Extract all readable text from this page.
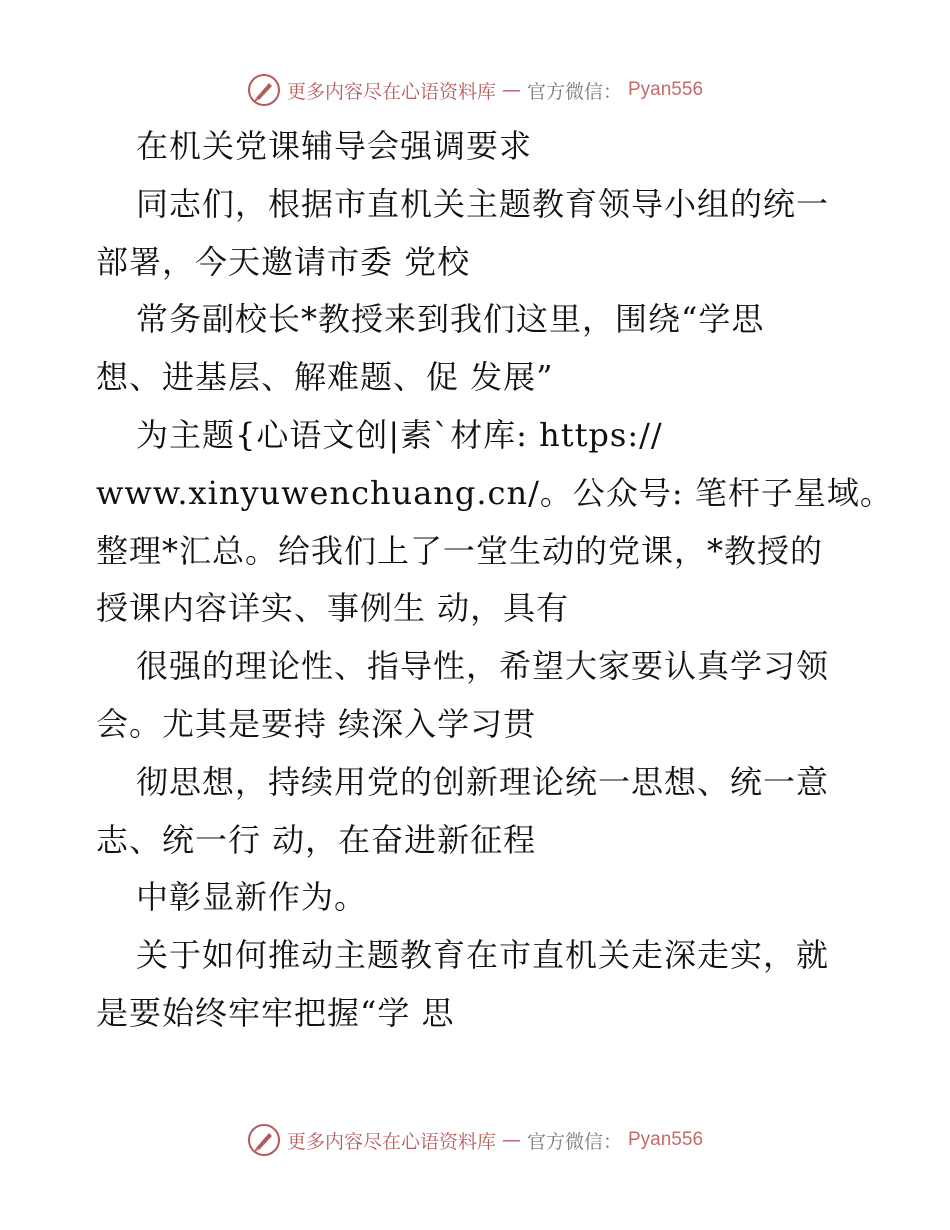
更多内容尽在心语资料库 — 官方微信： Pyan556
在机关党课辅导会强调要求
同志们，根据市直机关主题教育领导小组的统一
部署，今天邀请市委 党校
常务副校长*教授来到我们这里，围绕“学思
想、进基层、解难题、促 发展”
为主题{心语文创|素`材库: https://
www.xinyuwenchuang.cn/。公众号: 笔杆子星域。
整理*汇总。给我们上了一堂生动的党课，*教授的
授课内容详实、事例生 动，具有
很强的理论性、指导性，希望大家要认真学习领
会。尤其是要持 续深入学习贯
彻思想，持续用党的创新理论统一思想、统一意
志、统一行 动，在奋进新征程
中彰显新作为。
关于如何推动主题教育在市直机关走深走实，就
是要始终牢牢把握“学 思
更多内容尽在心语资料库 — 官方微信： Pyan556
